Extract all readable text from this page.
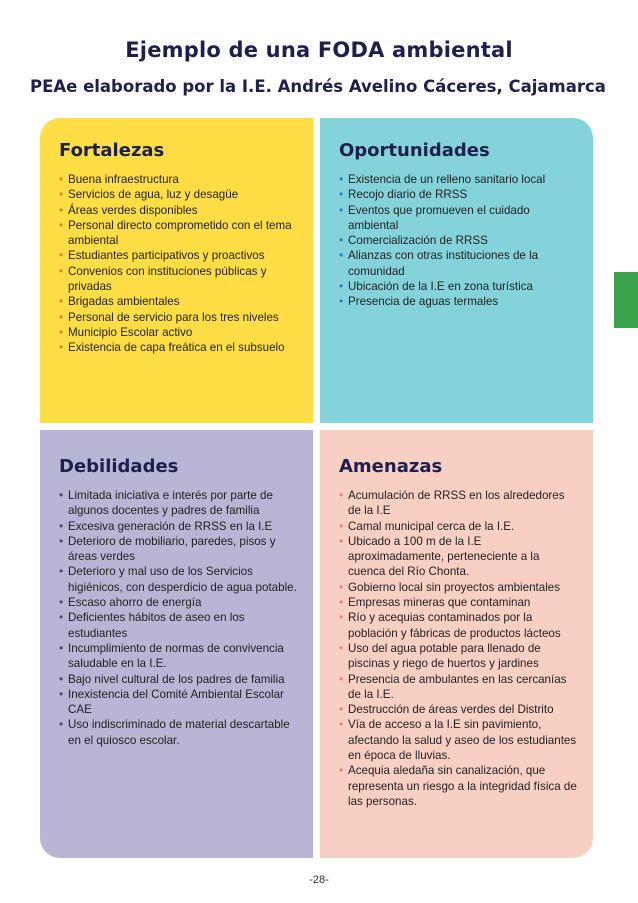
Ejemplo de una FODA ambiental

PEAe elaborado por la I.E. Andrés Avelino Cáceres, Cajamarca

Fortalezas
• Buena infraestructura
• Servicios de agua, luz y desagüe
• Áreas verdes disponibles
• Personal directo comprometido con el tema ambiental
• Estudiantes participativos y proactivos
• Convenios con instituciones públicas y privadas
• Brigadas ambientales
• Personal de servicio para los tres niveles
• Municipio Escolar activo
• Existencia de capa freática en el subsuelo
Oportunidades
• Existencia de un relleno sanitario local
• Recojo diario de RRSS
• Eventos que promueven el cuidado ambiental
• Comercialización de RRSS
• Alianzas con otras instituciones de la comunidad
• Ubicación de la I.E en zona turística
• Presencia de aguas termales
Debilidades
• Limitada iniciativa e interés por parte de algunos docentes y padres de familia
• Excesiva generación de RRSS en la I.E
• Deterioro de mobiliario, paredes, pisos y áreas verdes
• Deterioro y mal uso de los Servicios higiénicos, con desperdicio de agua potable.
• Escaso ahorro de energía
• Deficientes hábitos de aseo en los estudiantes
• Incumplimiento de normas de convivencia saludable en la I.E.
• Bajo nivel cultural de los padres de familia
• Inexistencia del Comité Ambiental Escolar CAE
• Uso indiscriminado de material descartable en el quiosco escolar.
Amenazas
• Acumulación de RRSS en los alrededores de la I.E
• Camal municipal cerca de la I.E.
• Ubicado a 100 m de la I.E aproximadamente, perteneciente a la cuenca del Río Chonta.
• Gobierno local sin proyectos ambientales
• Empresas mineras que contaminan
• Río y acequias contaminados por la población y fábricas de productos lácteos
• Uso del agua potable para llenado de piscinas y riego de huertos y jardines
• Presencia de ambulantes en las cercanías de la I.E.
• Destrucción de áreas verdes del Distrito
• Vía de acceso a la I.E sin pavimiento, afectando la salud y aseo de los estudiantes en época de lluvias.
• Acequia aledaña sin canalización, que representa un riesgo a la integridad física de las personas.
-28-
